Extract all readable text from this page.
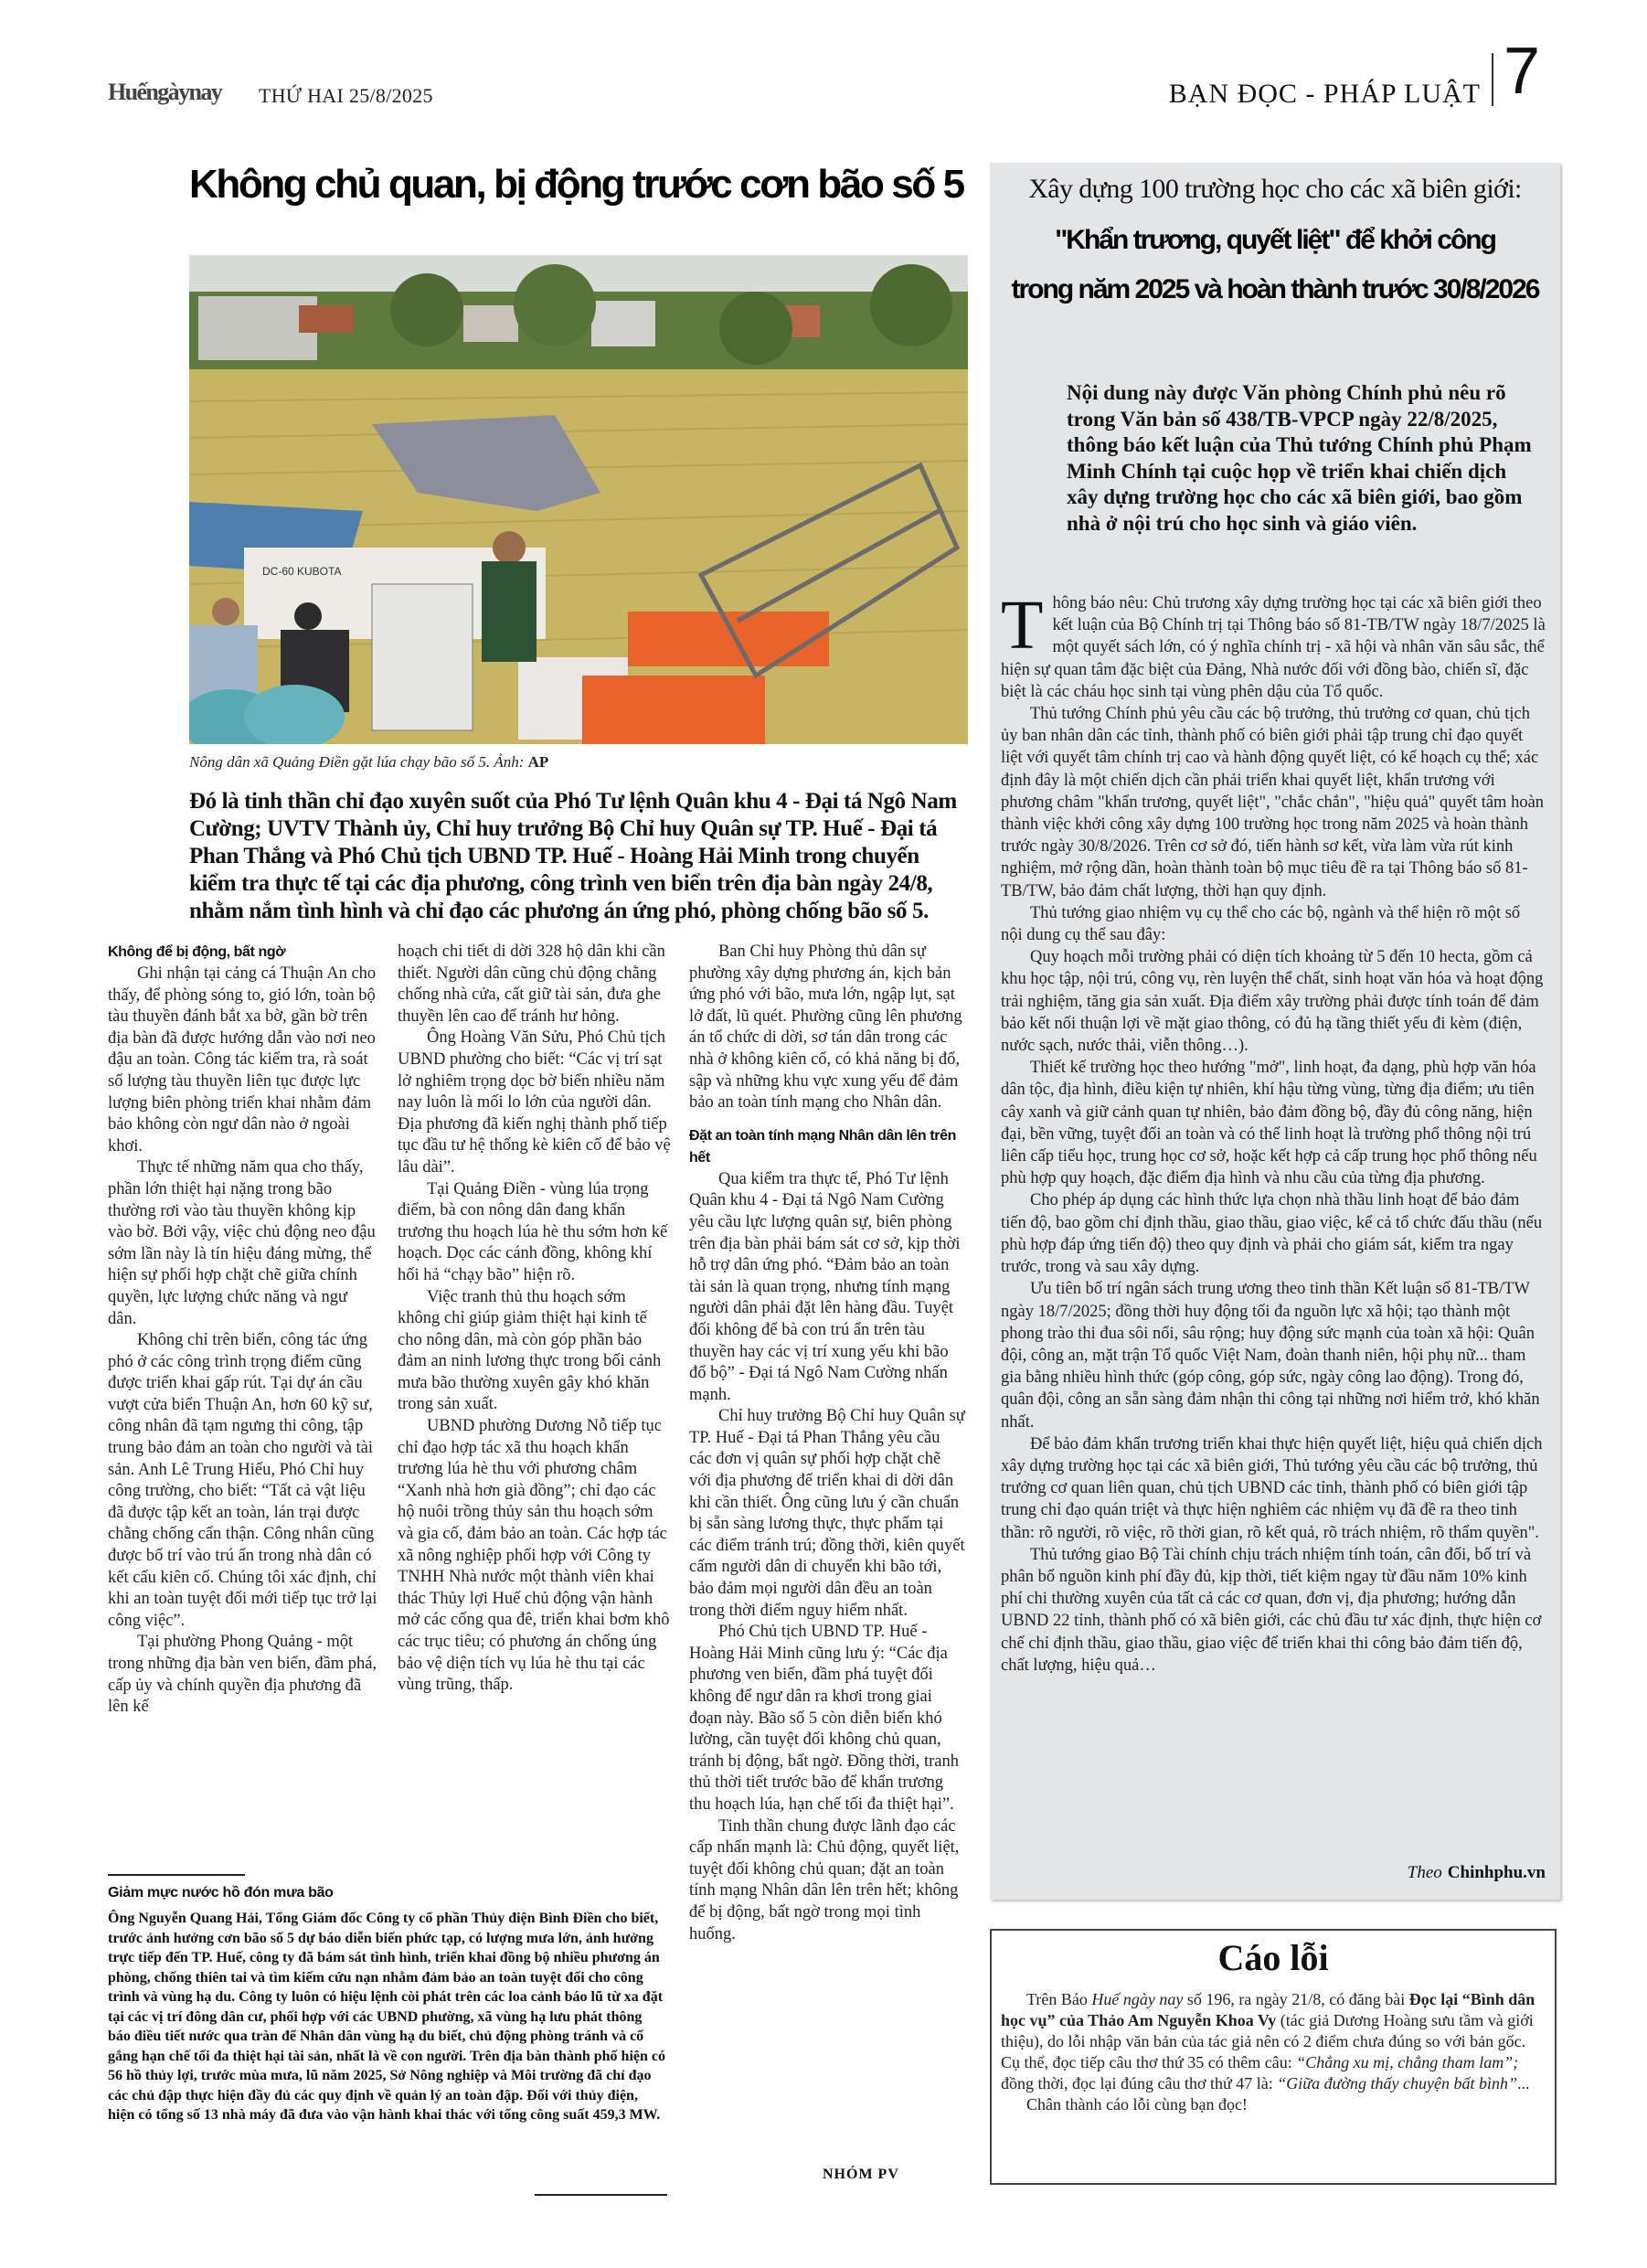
Huếngàynay THỨ HAI 25/8/2025	BẠN ĐỌC - PHÁP LUẬT 7
Không chủ quan, bị động trước cơn bão số 5
DC-60 KUBOTA
Nông dân xã Quảng Điền gặt lúa chạy bão số 5. Ảnh: AP
Đó là tinh thần chỉ đạo xuyên suốt của Phó Tư lệnh Quân khu 4 - Đại tá Ngô Nam Cường; UVTV Thành ủy, Chỉ huy trưởng Bộ Chỉ huy Quân sự TP. Huế - Đại tá Phan Thắng và Phó Chủ tịch UBND TP. Huế - Hoàng Hải Minh trong chuyến kiểm tra thực tế tại các địa phương, công trình ven biển trên địa bàn ngày 24/8, nhằm nắm tình hình và chỉ đạo các phương án ứng phó, phòng chống bão số 5.

Không để bị động, bất ngờ

Ghi nhận tại cảng cá Thuận An cho thấy, để phòng sóng to, gió lớn, toàn bộ tàu thuyền đánh bắt xa bờ, gần bờ trên địa bàn đã được hướng dẫn vào nơi neo đậu an toàn. Công tác kiểm tra, rà soát số lượng tàu thuyền liên tục được lực lượng biên phòng triển khai nhằm đảm bảo không còn ngư dân nào ở ngoài khơi.

Thực tế những năm qua cho thấy, phần lớn thiệt hại nặng trong bão thường rơi vào tàu thuyền không kịp vào bờ. Bởi vậy, việc chủ động neo đậu sớm lần này là tín hiệu đáng mừng, thể hiện sự phối hợp chặt chẽ giữa chính quyền, lực lượng chức năng và ngư dân.

Không chỉ trên biển, công tác ứng phó ở các công trình trọng điểm cũng được triển khai gấp rút. Tại dự án cầu vượt cửa biển Thuận An, hơn 60 kỹ sư, công nhân đã tạm ngưng thi công, tập trung bảo đảm an toàn cho người và tài sản. Anh Lê Trung Hiếu, Phó Chỉ huy công trường, cho biết: “Tất cả vật liệu đã được tập kết an toàn, lán trại được chằng chống cẩn thận. Công nhân cũng được bố trí vào trú ẩn trong nhà dân có kết cấu kiên cố. Chúng tôi xác định, chỉ khi an toàn tuyệt đối mới tiếp tục trở lại công việc”.

Tại phường Phong Quảng - một trong những địa bàn ven biển, đầm phá, cấp ủy và chính quyền địa phương đã lên kế

hoạch chi tiết di dời 328 hộ dân khi cần thiết. Người dân cũng chủ động chằng chống nhà cửa, cất giữ tài sản, đưa ghe thuyền lên cao để tránh hư hỏng.

Ông Hoàng Văn Sửu, Phó Chủ tịch UBND phường cho biết: “Các vị trí sạt lở nghiêm trọng dọc bờ biển nhiều năm nay luôn là mối lo lớn của người dân. Địa phương đã kiến nghị thành phố tiếp tục đầu tư hệ thống kè kiên cố để bảo vệ lâu dài”.

Tại Quảng Điền - vùng lúa trọng điểm, bà con nông dân đang khẩn trương thu hoạch lúa hè thu sớm hơn kế hoạch. Dọc các cánh đồng, không khí hối hả “chạy bão” hiện rõ.

Việc tranh thủ thu hoạch sớm không chỉ giúp giảm thiệt hại kinh tế cho nông dân, mà còn góp phần bảo đảm an ninh lương thực trong bối cảnh mưa bão thường xuyên gây khó khăn trong sản xuất.

UBND phường Dương Nỗ tiếp tục chỉ đạo hợp tác xã thu hoạch khẩn trương lúa hè thu với phương châm “Xanh nhà hơn già đồng”; chỉ đạo các hộ nuôi trồng thủy sản thu hoạch sớm và gia cố, đảm bảo an toàn. Các hợp tác xã nông nghiệp phối hợp với Công ty TNHH Nhà nước một thành viên khai thác Thủy lợi Huế chủ động vận hành mở các cống qua đê, triển khai bơm khô các trục tiêu; có phương án chống úng bảo vệ diện tích vụ lúa hè thu tại các vùng trũng, thấp.

Ban Chỉ huy Phòng thủ dân sự phường xây dựng phương án, kịch bản ứng phó với bão, mưa lớn, ngập lụt, sạt lở đất, lũ quét. Phường cũng lên phương án tổ chức di dời, sơ tán dân trong các nhà ở không kiên cố, có khả năng bị đổ, sập và những khu vực xung yếu để đảm bảo an toàn tính mạng cho Nhân dân.

Đặt an toàn tính mạng Nhân dân lên trên hết

Qua kiểm tra thực tế, Phó Tư lệnh Quân khu 4 - Đại tá Ngô Nam Cường yêu cầu lực lượng quân sự, biên phòng trên địa bàn phải bám sát cơ sở, kịp thời hỗ trợ dân ứng phó. “Đảm bảo an toàn tài sản là quan trọng, nhưng tính mạng người dân phải đặt lên hàng đầu. Tuyệt đối không để bà con trú ẩn trên tàu thuyền hay các vị trí xung yếu khi bão đổ bộ” - Đại tá Ngô Nam Cường nhấn mạnh.

Chỉ huy trưởng Bộ Chỉ huy Quân sự TP. Huế - Đại tá Phan Thắng yêu cầu các đơn vị quân sự phối hợp chặt chẽ với địa phương để triển khai di dời dân khi cần thiết. Ông cũng lưu ý cần chuẩn bị sẵn sàng lương thực, thực phẩm tại các điểm tránh trú; đồng thời, kiên quyết cấm người dân di chuyển khi bão tới, bảo đảm mọi người dân đều an toàn trong thời điểm nguy hiểm nhất.

Phó Chủ tịch UBND TP. Huế - Hoàng Hải Minh cũng lưu ý: “Các địa phương ven biển, đầm phá tuyệt đối không để ngư dân ra khơi trong giai đoạn này. Bão số 5 còn diễn biến khó lường, cần tuyệt đối không chủ quan, tránh bị động, bất ngờ. Đồng thời, tranh thủ thời tiết trước bão để khẩn trương thu hoạch lúa, hạn chế tối đa thiệt hại”.

Tinh thần chung được lãnh đạo các cấp nhấn mạnh là: Chủ động, quyết liệt, tuyệt đối không chủ quan; đặt an toàn tính mạng Nhân dân lên trên hết; không để bị động, bất ngờ trong mọi tình huống.

Giảm mực nước hồ đón mưa bão
Ông Nguyễn Quang Hải, Tổng Giám đốc Công ty cổ phần Thủy điện Bình Điền cho biết, trước ảnh hưởng cơn bão số 5 dự báo diễn biến phức tạp, có lượng mưa lớn, ảnh hưởng trực tiếp đến TP. Huế, công ty đã bám sát tình hình, triển khai đồng bộ nhiều phương án phòng, chống thiên tai và tìm kiếm cứu nạn nhằm đảm bảo an toàn tuyệt đối cho công trình và vùng hạ du. Công ty luôn có hiệu lệnh còi phát trên các loa cảnh báo lũ từ xa đặt tại các vị trí đông dân cư, phối hợp với các UBND phường, xã vùng hạ lưu phát thông báo điều tiết nước qua tràn để Nhân dân vùng hạ du biết, chủ động phòng tránh và cố gắng hạn chế tối đa thiệt hại tài sản, nhất là về con người. Trên địa bàn thành phố hiện có 56 hồ thủy lợi, trước mùa mưa, lũ năm 2025, Sở Nông nghiệp và Môi trường đã chỉ đạo các chủ đập thực hiện đầy đủ các quy định về quản lý an toàn đập. Đối với thủy điện, hiện có tổng số 13 nhà máy đã đưa vào vận hành khai thác với tổng công suất 459,3 MW.
NHÓM PV
Xây dựng 100 trường học cho các xã biên giới:
"Khẩn trương, quyết liệt" để khởi công
trong năm 2025 và hoàn thành trước 30/8/2026
Nội dung này được Văn phòng Chính phủ nêu rõ trong Văn bản số 438/TB-VPCP ngày 22/8/2025, thông báo kết luận của Thủ tướng Chính phủ Phạm Minh Chính tại cuộc họp về triển khai chiến dịch xây dựng trường học cho các xã biên giới, bao gồm nhà ở nội trú cho học sinh và giáo viên.

Thông báo nêu: Chủ trương xây dựng trường học tại các xã biên giới theo kết luận của Bộ Chính trị tại Thông báo số 81-TB/TW ngày 18/7/2025 là một quyết sách lớn, có ý nghĩa chính trị - xã hội và nhân văn sâu sắc, thể hiện sự quan tâm đặc biệt của Đảng, Nhà nước đối với đồng bào, chiến sĩ, đặc biệt là các cháu học sinh tại vùng phên dậu của Tổ quốc.

Thủ tướng Chính phủ yêu cầu các bộ trưởng, thủ trưởng cơ quan, chủ tịch ủy ban nhân dân các tỉnh, thành phố có biên giới phải tập trung chỉ đạo quyết liệt với quyết tâm chính trị cao và hành động quyết liệt, có kế hoạch cụ thể; xác định đây là một chiến dịch cần phải triển khai quyết liệt, khẩn trương với phương châm "khẩn trương, quyết liệt", "chắc chắn", "hiệu quả" quyết tâm hoàn thành việc khởi công xây dựng 100 trường học trong năm 2025 và hoàn thành trước ngày 30/8/2026. Trên cơ sở đó, tiến hành sơ kết, vừa làm vừa rút kinh nghiệm, mở rộng dần, hoàn thành toàn bộ mục tiêu đề ra tại Thông báo số 81-TB/TW, bảo đảm chất lượng, thời hạn quy định.

Thủ tướng giao nhiệm vụ cụ thể cho các bộ, ngành và thể hiện rõ một số nội dung cụ thể sau đây:

Quy hoạch mỗi trường phải có diện tích khoảng từ 5 đến 10 hecta, gồm cả khu học tập, nội trú, công vụ, rèn luyện thể chất, sinh hoạt văn hóa và hoạt động trải nghiệm, tăng gia sản xuất. Địa điểm xây trường phải được tính toán để đảm bảo kết nối thuận lợi về mặt giao thông, có đủ hạ tầng thiết yếu đi kèm (điện, nước sạch, nước thải, viễn thông…).

Thiết kế trường học theo hướng "mở", linh hoạt, đa dạng, phù hợp văn hóa dân tộc, địa hình, điều kiện tự nhiên, khí hậu từng vùng, từng địa điểm; ưu tiên cây xanh và giữ cảnh quan tự nhiên, bảo đảm đồng bộ, đầy đủ công năng, hiện đại, bền vững, tuyệt đối an toàn và có thể linh hoạt là trường phổ thông nội trú liên cấp tiểu học, trung học cơ sở, hoặc kết hợp cả cấp trung học phổ thông nếu phù hợp quy hoạch, đặc điểm địa hình và nhu cầu của từng địa phương.

Cho phép áp dụng các hình thức lựa chọn nhà thầu linh hoạt để bảo đảm tiến độ, bao gồm chỉ định thầu, giao thầu, giao việc, kể cả tổ chức đấu thầu (nếu phù hợp đáp ứng tiến độ) theo quy định và phải cho giám sát, kiểm tra ngay trước, trong và sau xây dựng.

Ưu tiên bố trí ngân sách trung ương theo tinh thần Kết luận số 81-TB/TW ngày 18/7/2025; đồng thời huy động tối đa nguồn lực xã hội; tạo thành một phong trào thi đua sôi nổi, sâu rộng; huy động sức mạnh của toàn xã hội: Quân đội, công an, mặt trận Tổ quốc Việt Nam, đoàn thanh niên, hội phụ nữ... tham gia bằng nhiều hình thức (góp công, góp sức, ngày công lao động). Trong đó, quân đội, công an sẵn sàng đảm nhận thi công tại những nơi hiểm trở, khó khăn nhất.

Để bảo đảm khẩn trương triển khai thực hiện quyết liệt, hiệu quả chiến dịch xây dựng trường học tại các xã biên giới, Thủ tướng yêu cầu các bộ trưởng, thủ trưởng cơ quan liên quan, chủ tịch UBND các tỉnh, thành phố có biên giới tập trung chỉ đạo quán triệt và thực hiện nghiêm các nhiệm vụ đã đề ra theo tinh thần: rõ người, rõ việc, rõ thời gian, rõ kết quả, rõ trách nhiệm, rõ thẩm quyền".

Thủ tướng giao Bộ Tài chính chịu trách nhiệm tính toán, cân đối, bố trí và phân bổ nguồn kinh phí đầy đủ, kịp thời, tiết kiệm ngay từ đầu năm 10% kinh phí chi thường xuyên của tất cả các cơ quan, đơn vị, địa phương; hướng dẫn UBND 22 tỉnh, thành phố có xã biên giới, các chủ đầu tư xác định, thực hiện cơ chế chỉ định thầu, giao thầu, giao việc để triển khai thi công bảo đảm tiến độ, chất lượng, hiệu quả…

Theo Chinhphu.vn
Cáo lỗi

Trên Báo Huế ngày nay số 196, ra ngày 21/8, có đăng bài Đọc lại “Bình dân học vụ” của Thảo Am Nguyễn Khoa Vy (tác giả Dương Hoàng sưu tầm và giới thiệu), do lỗi nhập văn bản của tác giả nên có 2 điểm chưa đúng so với bản gốc. Cụ thể, đọc tiếp câu thơ thứ 35 có thêm câu: “Chẳng xu mị, chẳng tham lam”; đồng thời, đọc lại đúng câu thơ thứ 47 là: “Giữa đường thấy chuyện bất bình”...

Chân thành cáo lỗi cùng bạn đọc!
